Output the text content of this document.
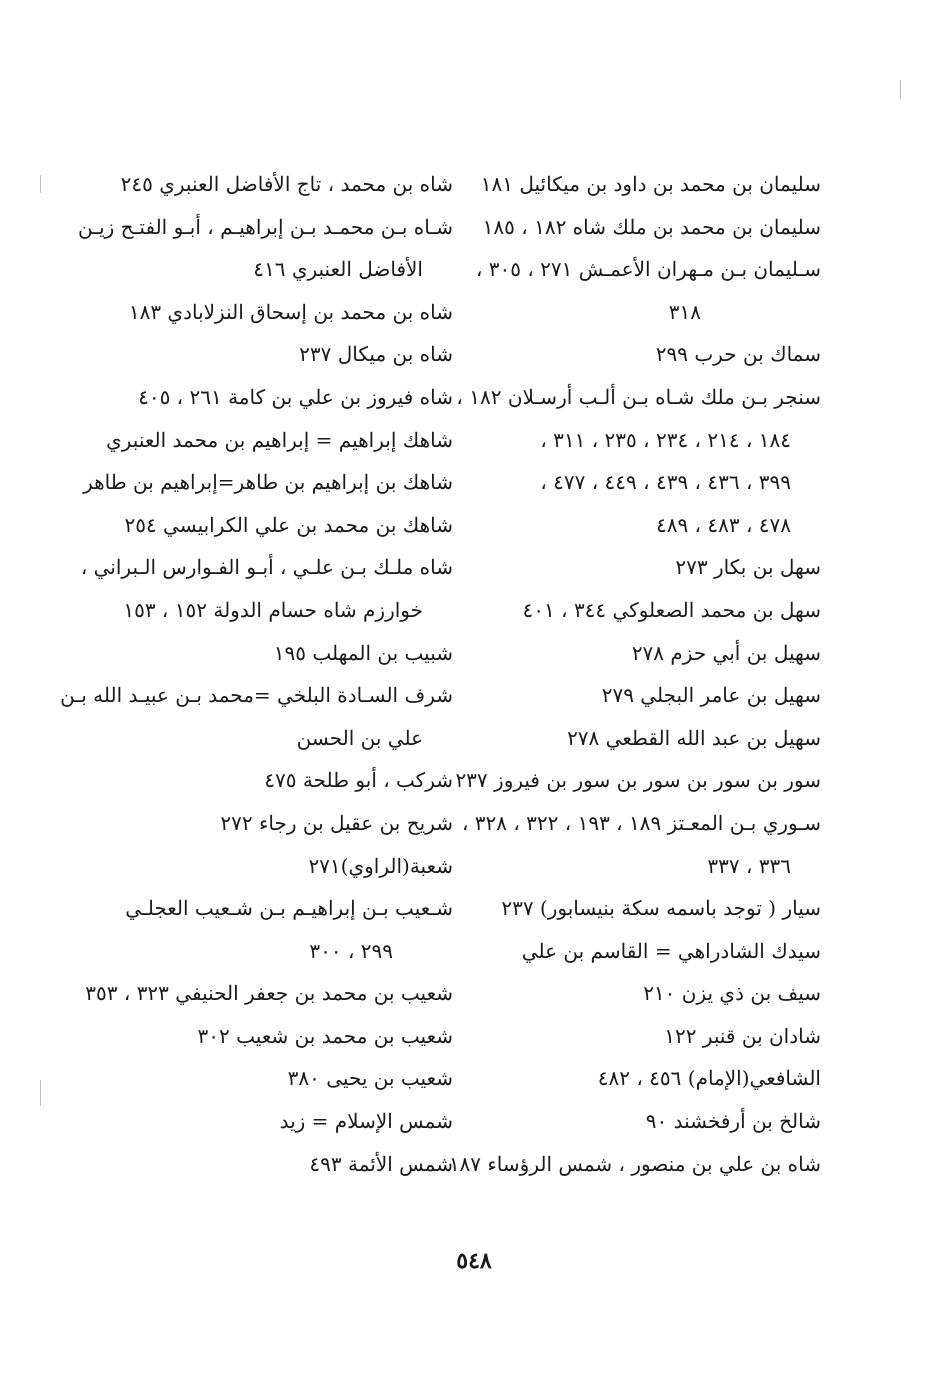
سليمان بن محمد بن داود بن ميكائيل ١٨١
سليمان بن محمد بن ملك شاه ١٨٢ ، ١٨٥
سـليمان بـن مـهران الأعمـش ٢٧١ ، ٣٠٥ ،
٣١٨
سماك بن حرب ٢٩٩
سنجر بـن ملك شـاه بـن ألـب أرسـلان ١٨٢ ،
١٨٤ ، ٢١٤ ، ٢٣٤ ، ٢٣٥ ، ٣١١ ،
٣٩٩ ، ٤٣٦ ، ٤٣٩ ، ٤٤٩ ، ٤٧٧ ،
٤٧٨ ، ٤٨٣ ، ٤٨٩
سهل بن بكار ٢٧٣
سهل بن محمد الصعلوكي ٣٤٤ ، ٤٠١
سهيل بن أبي حزم ٢٧٨
سهيل بن عامر البجلي ٢٧٩
سهيل بن عبد الله القطعي ٢٧٨
سور بن سور بن سور بن سور بن فيروز ٢٣٧
سـوري بـن المعـتز ١٨٩ ، ١٩٣ ، ٣٢٢ ، ٣٢٨ ،
٣٣٦ ، ٣٣٧
سيار ( توجد باسمه سكة بنيسابور) ٢٣٧
سيدك الشادراهي = القاسم بن علي
سيف بن ذي يزن ٢١٠
شادان بن قنبر ١٢٢
الشافعي(الإمام) ٤٥٦ ، ٤٨٢
شالخ بن أرفخشند ٩٠
شاه بن علي بن منصور ، شمس الرؤساء ١٨٧
شاه بن محمد ، تاج الأفاضل العنبري ٢٤٥
شـاه بـن محمـد بـن إبراهيـم ، أبـو الفتـح زيـن
الأفاضل العنبري ٤١٦
شاه بن محمد بن إسحاق النزلابادي ١٨٣
شاه بن ميكال ٢٣٧
شاه فيروز بن علي بن كامة ٢٦١ ، ٤٠٥
شاهك إبراهيم = إبراهيم بن محمد العنبري
شاهك بن إبراهيم بن طاهر=إبراهيم بن طاهر
شاهك بن محمد بن علي الكرابيسي ٢٥٤
شاه ملـك بـن علـي ، أبـو الفـوارس الـبراني ،
خوارزم شاه حسام الدولة ١٥٢ ، ١٥٣
شبيب بن المهلب ١٩٥
شرف السـادة البلخي =محمد بـن عبيـد الله بـن
علي بن الحسن
شركب ، أبو طلحة ٤٧٥
شريح بن عقيل بن رجاء ٢٧٢
شعبة(الراوي)٢٧١
شـعيب بـن إبراهيـم بـن شـعيب العجلـي
٢٩٩ ، ٣٠٠
شعيب بن محمد بن جعفر الحنيفي ٣٢٣ ، ٣٥٣
شعيب بن محمد بن شعيب ٣٠٢
شعيب بن يحيى ٣٨٠
شمس الإسلام = زيد
شمس الأئمة ٤٩٣
٥٤٨
